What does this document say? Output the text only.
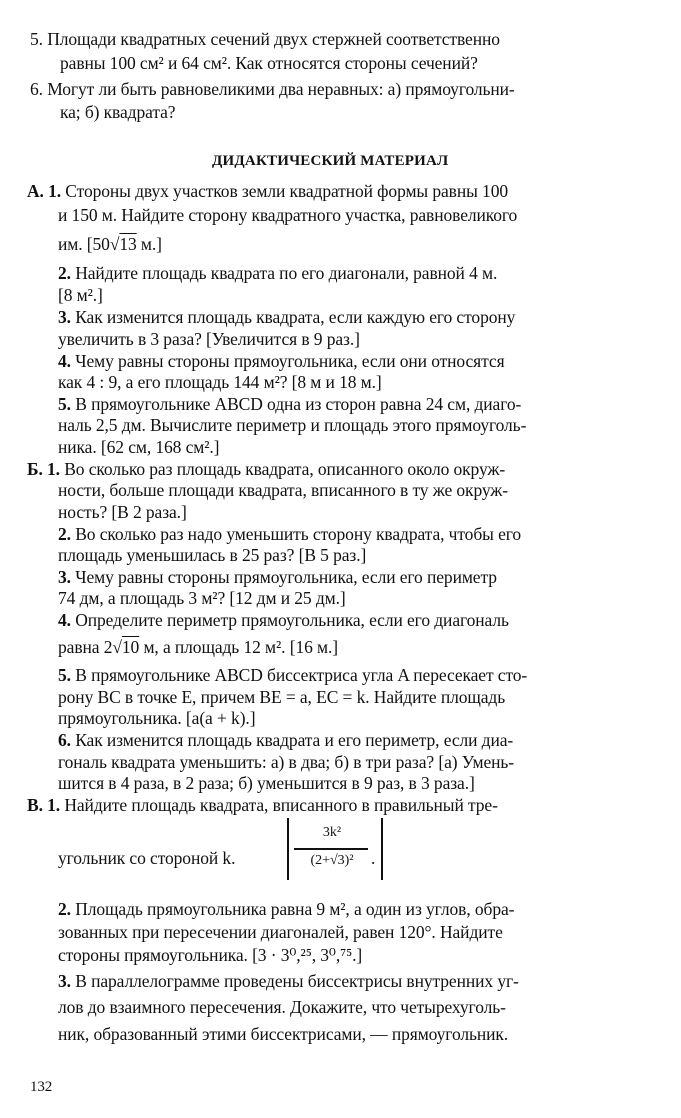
5. Площади квадратных сечений двух стержней соответственно
равны 100 см² и 64 см². Как относятся стороны сечений?
6. Могут ли быть равновеликими два неравных: а) прямоугольни-
ка; б) квадрата?
ДИДАКТИЧЕСКИЙ МАТЕРИАЛ
А. 1. Стороны двух участков земли квадратной формы равны 100
и 150 м. Найдите сторону квадратного участка, равновеликого
им. [50√13 м.]
2. Найдите площадь квадрата по его диагонали, равной 4 м.
[8 м².]
3. Как изменится площадь квадрата, если каждую его сторону
увеличить в 3 раза? [Увеличится в 9 раз.]
4. Чему равны стороны прямоугольника, если они относятся
как 4 : 9, а его площадь 144 м²? [8 м и 18 м.]
5. В прямоугольнике ABCD одна из сторон равна 24 см, диаго-
наль 2,5 дм. Вычислите периметр и площадь этого прямоуголь-
ника. [62 см, 168 см².]
Б. 1. Во сколько раз площадь квадрата, описанного около окруж-
ности, больше площади квадрата, вписанного в ту же окруж-
ность? [В 2 раза.]
2. Во сколько раз надо уменьшить сторону квадрата, чтобы его
площадь уменьшилась в 25 раз? [В 5 раз.]
3. Чему равны стороны прямоугольника, если его периметр
74 дм, а площадь 3 м²? [12 дм и 25 дм.]
4. Определите периметр прямоугольника, если его диагональ
равна 2√10 м, а площадь 12 м². [16 м.]
5. В прямоугольнике ABCD биссектриса угла A пересекает сто-
рону BC в точке E, причем BE = a, EC = k. Найдите площадь
прямоугольника. [a(a + k).]
6. Как изменится площадь квадрата и его периметр, если диа-
гональ квадрата уменьшить: а) в два; б) в три раза? [а) Умень-
шится в 4 раза, в 2 раза; б) уменьшится в 9 раз, в 3 раза.]
В. 1. Найдите площадь квадрата, вписанного в правильный тре-
угольник со стороной k.
3k²
(2+√3)² .
2. Площадь прямоугольника равна 9 м², а один из углов, обра-
зованных при пересечении диагоналей, равен 120°. Найдите
стороны прямоугольника. [3 · 3⁰,²⁵, 3⁰,⁷⁵.]
3. В параллелограмме проведены биссектрисы внутренних уг-
лов до взаимного пересечения. Докажите, что четырехуголь-
ник, образованный этими биссектрисами, — прямоугольник.
132
